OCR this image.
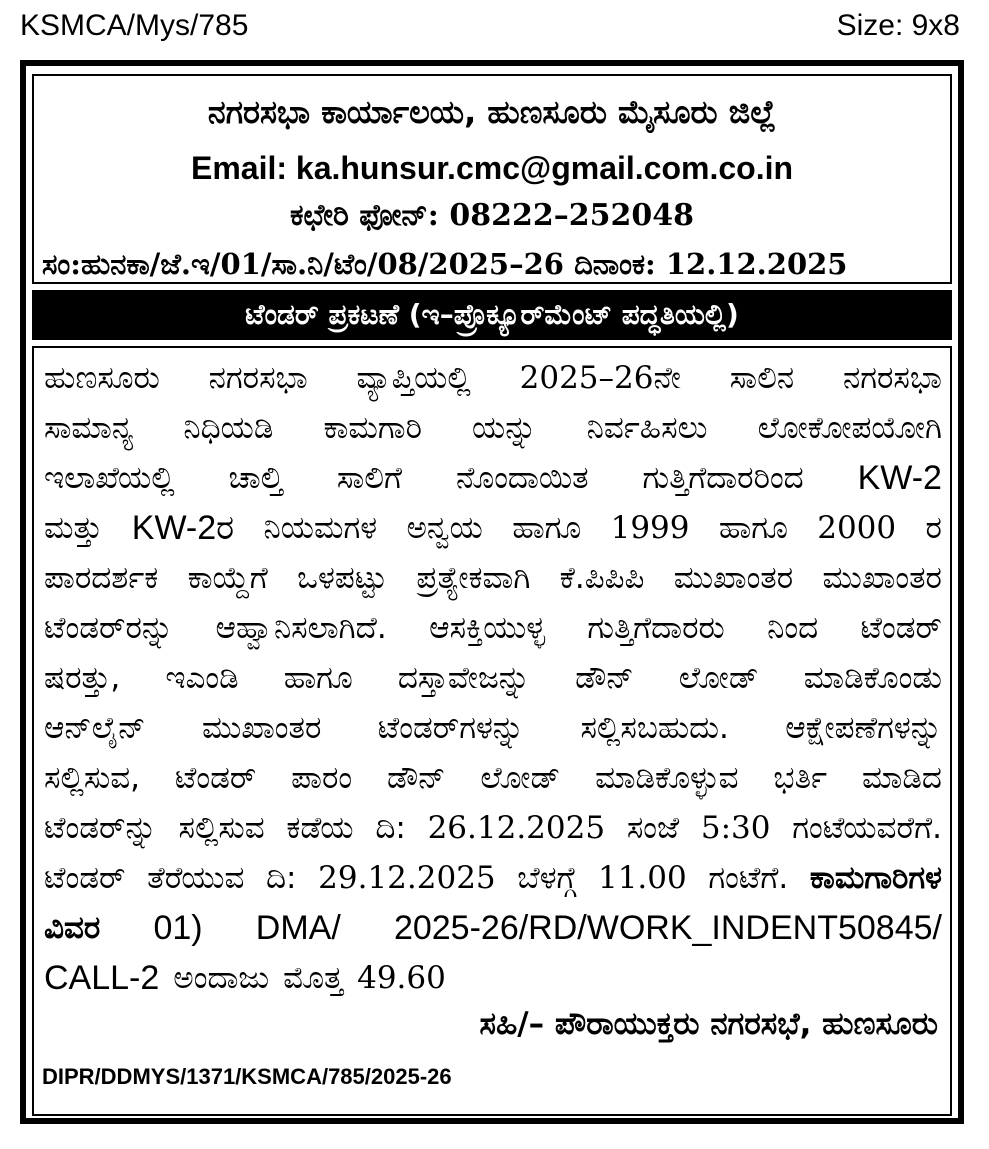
KSMCA/Mys/785	Size: 9x8
ನಗರಸಭಾ ಕಾರ್ಯಾಲಯ, ಹುಣಸೂರು ಮೈಸೂರು ಜಿಲ್ಲೆ
Email: ka.hunsur.cmc@gmail.com.co.in
ಕಛೇರಿ ಫೋನ್: 08222–252048
ಸಂ:ಹುನಕಾ/ಜೆ.ಇ/01/ಸಾ.ನಿ/ಟೆಂ/08/2025–26 ದಿನಾಂಕ: 12.12.2025
ಟೆಂಡರ್ ಪ್ರಕಟಣೆ (ಇ–ಪ್ರೊಕ್ಯೂರ್‌ಮೆಂಟ್ ಪದ್ಧತಿಯಲ್ಲಿ)
ಹುಣಸೂರು ನಗರಸಭಾ ವ್ಯಾಪ್ತಿಯಲ್ಲಿ 2025–26ನೇ ಸಾಲಿನ ನಗರಸಭಾ
ಸಾಮಾನ್ಯ ನಿಧಿಯಡಿ ಕಾಮಗಾರಿ ಯನ್ನು ನಿರ್ವಹಿಸಲು ಲೋಕೋಪಯೋಗಿ
ಇಲಾಖೆಯಲ್ಲಿ ಚಾಲ್ತಿ ಸಾಲಿಗೆ ನೊಂದಾಯಿತ ಗುತ್ತಿಗೆದಾರರಿಂದ KW-2
ಮತ್ತು KW-2ರ ನಿಯಮಗಳ ಅನ್ವಯ ಹಾಗೂ 1999 ಹಾಗೂ 2000 ರ
ಪಾರದರ್ಶಕ ಕಾಯ್ದೆಗೆ ಒಳಪಟ್ಟು ಪ್ರತ್ಯೇಕವಾಗಿ ಕೆ.ಪಿಪಿಪಿ ಮುಖಾಂತರ ಮುಖಾಂತರ
ಟೆಂಡರ್‌ರನ್ನು ಆಹ್ವಾನಿಸಲಾಗಿದೆ. ಆಸಕ್ತಿಯುಳ್ಳ ಗುತ್ತಿಗೆದಾರರು ನಿಂದ ಟೆಂಡರ್
ಷರತ್ತು, ಇಎಂಡಿ ಹಾಗೂ ದಸ್ತಾವೇಜನ್ನು ಡೌನ್ ಲೋಡ್ ಮಾಡಿಕೊಂಡು
ಆನ್‌ಲೈನ್ ಮುಖಾಂತರ ಟೆಂಡರ್‌ಗಳನ್ನು ಸಲ್ಲಿಸಬಹುದು. ಆಕ್ಷೇಪಣೆಗಳನ್ನು
ಸಲ್ಲಿಸುವ, ಟೆಂಡರ್ ಪಾರಂ ಡೌನ್ ಲೋಡ್ ಮಾಡಿಕೊಳ್ಳುವ ಭರ್ತಿ ಮಾಡಿದ
ಟೆಂಡರ್‌ನ್ನು ಸಲ್ಲಿಸುವ ಕಡೆಯ ದಿ: 26.12.2025 ಸಂಜೆ 5:30 ಗಂಟೆಯವರೆಗೆ.
ಟೆಂಡರ್ ತೆರೆಯುವ ದಿ: 29.12.2025 ಬೆಳಗ್ಗೆ 11.00 ಗಂಟೆಗೆ. ಕಾಮಗಾರಿಗಳ
ವಿವರ 01) DMA/ 2025-26/RD/WORK_INDENT50845/
CALL-2 ಅಂದಾಜು ಮೊತ್ತ 49.60
ಸಹಿ/– ಪೌರಾಯುಕ್ತರು ನಗರಸಭೆ, ಹುಣಸೂರು
DIPR/DDMYS/1371/KSMCA/785/2025-26
